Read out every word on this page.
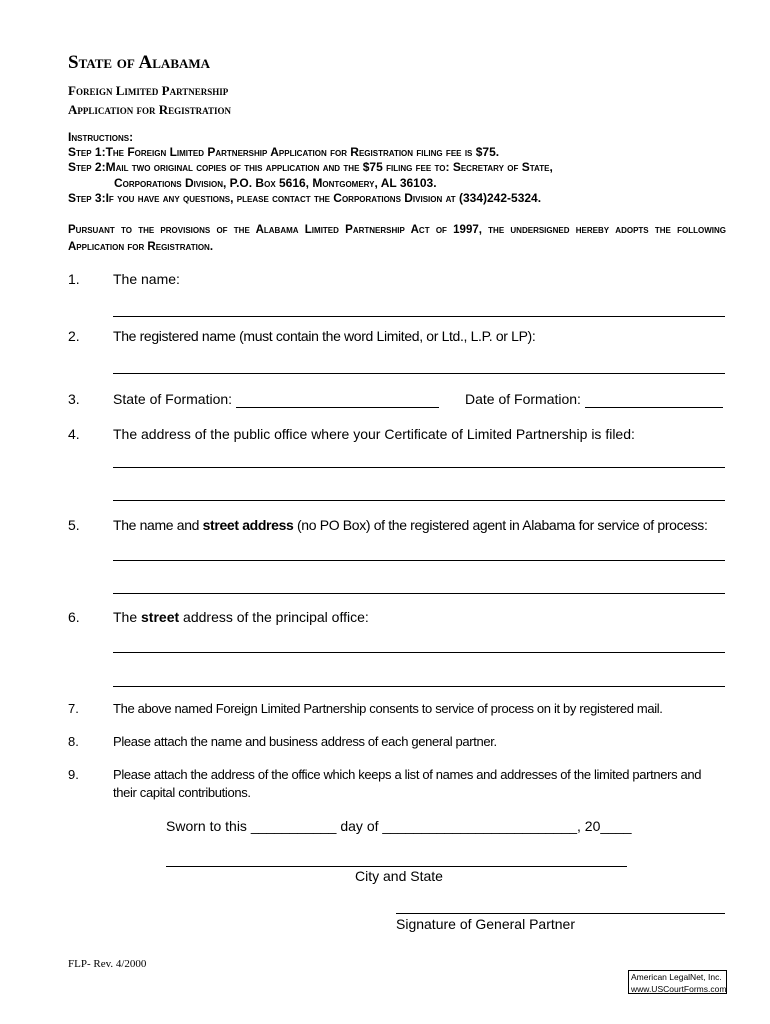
State of Alabama
Foreign Limited Partnership
Application for Registration
Instructions:
Step 1:The Foreign Limited Partnership Application for Registration filing fee is $75.
Step 2:Mail two original copies of this application and the $75 filing fee to: Secretary of State,
Corporations Division, P.O. Box 5616, Montgomery, AL 36103.
Step 3:If you have any questions, please contact the Corporations Division at (334)242-5324.
Pursuant to the provisions of the Alabama Limited Partnership Act of 1997, the undersigned hereby adopts the following Application for Registration.
1. The name:
2. The registered name (must contain the word Limited, or Ltd., L.P. or LP):
3. State of Formation:	Date of Formation:
4. The address of the public office where your Certificate of Limited Partnership is filed:
5. The name and street address (no PO Box) of the registered agent in Alabama for service of process:
6. The street address of the principal office:
7.	The above named Foreign Limited Partnership consents to service of process on it by registered mail.
8.	Please attach the name and business address of each general partner.
9.	Please attach the address of the office which keeps a list of names and addresses of the limited partners and
their capital contributions.
Sworn to this ___________ day of _________________________, 20____
City and State
Signature of General Partner
FLP- Rev. 4/2000
American LegalNet, Inc.
www.USCourtForms.com
